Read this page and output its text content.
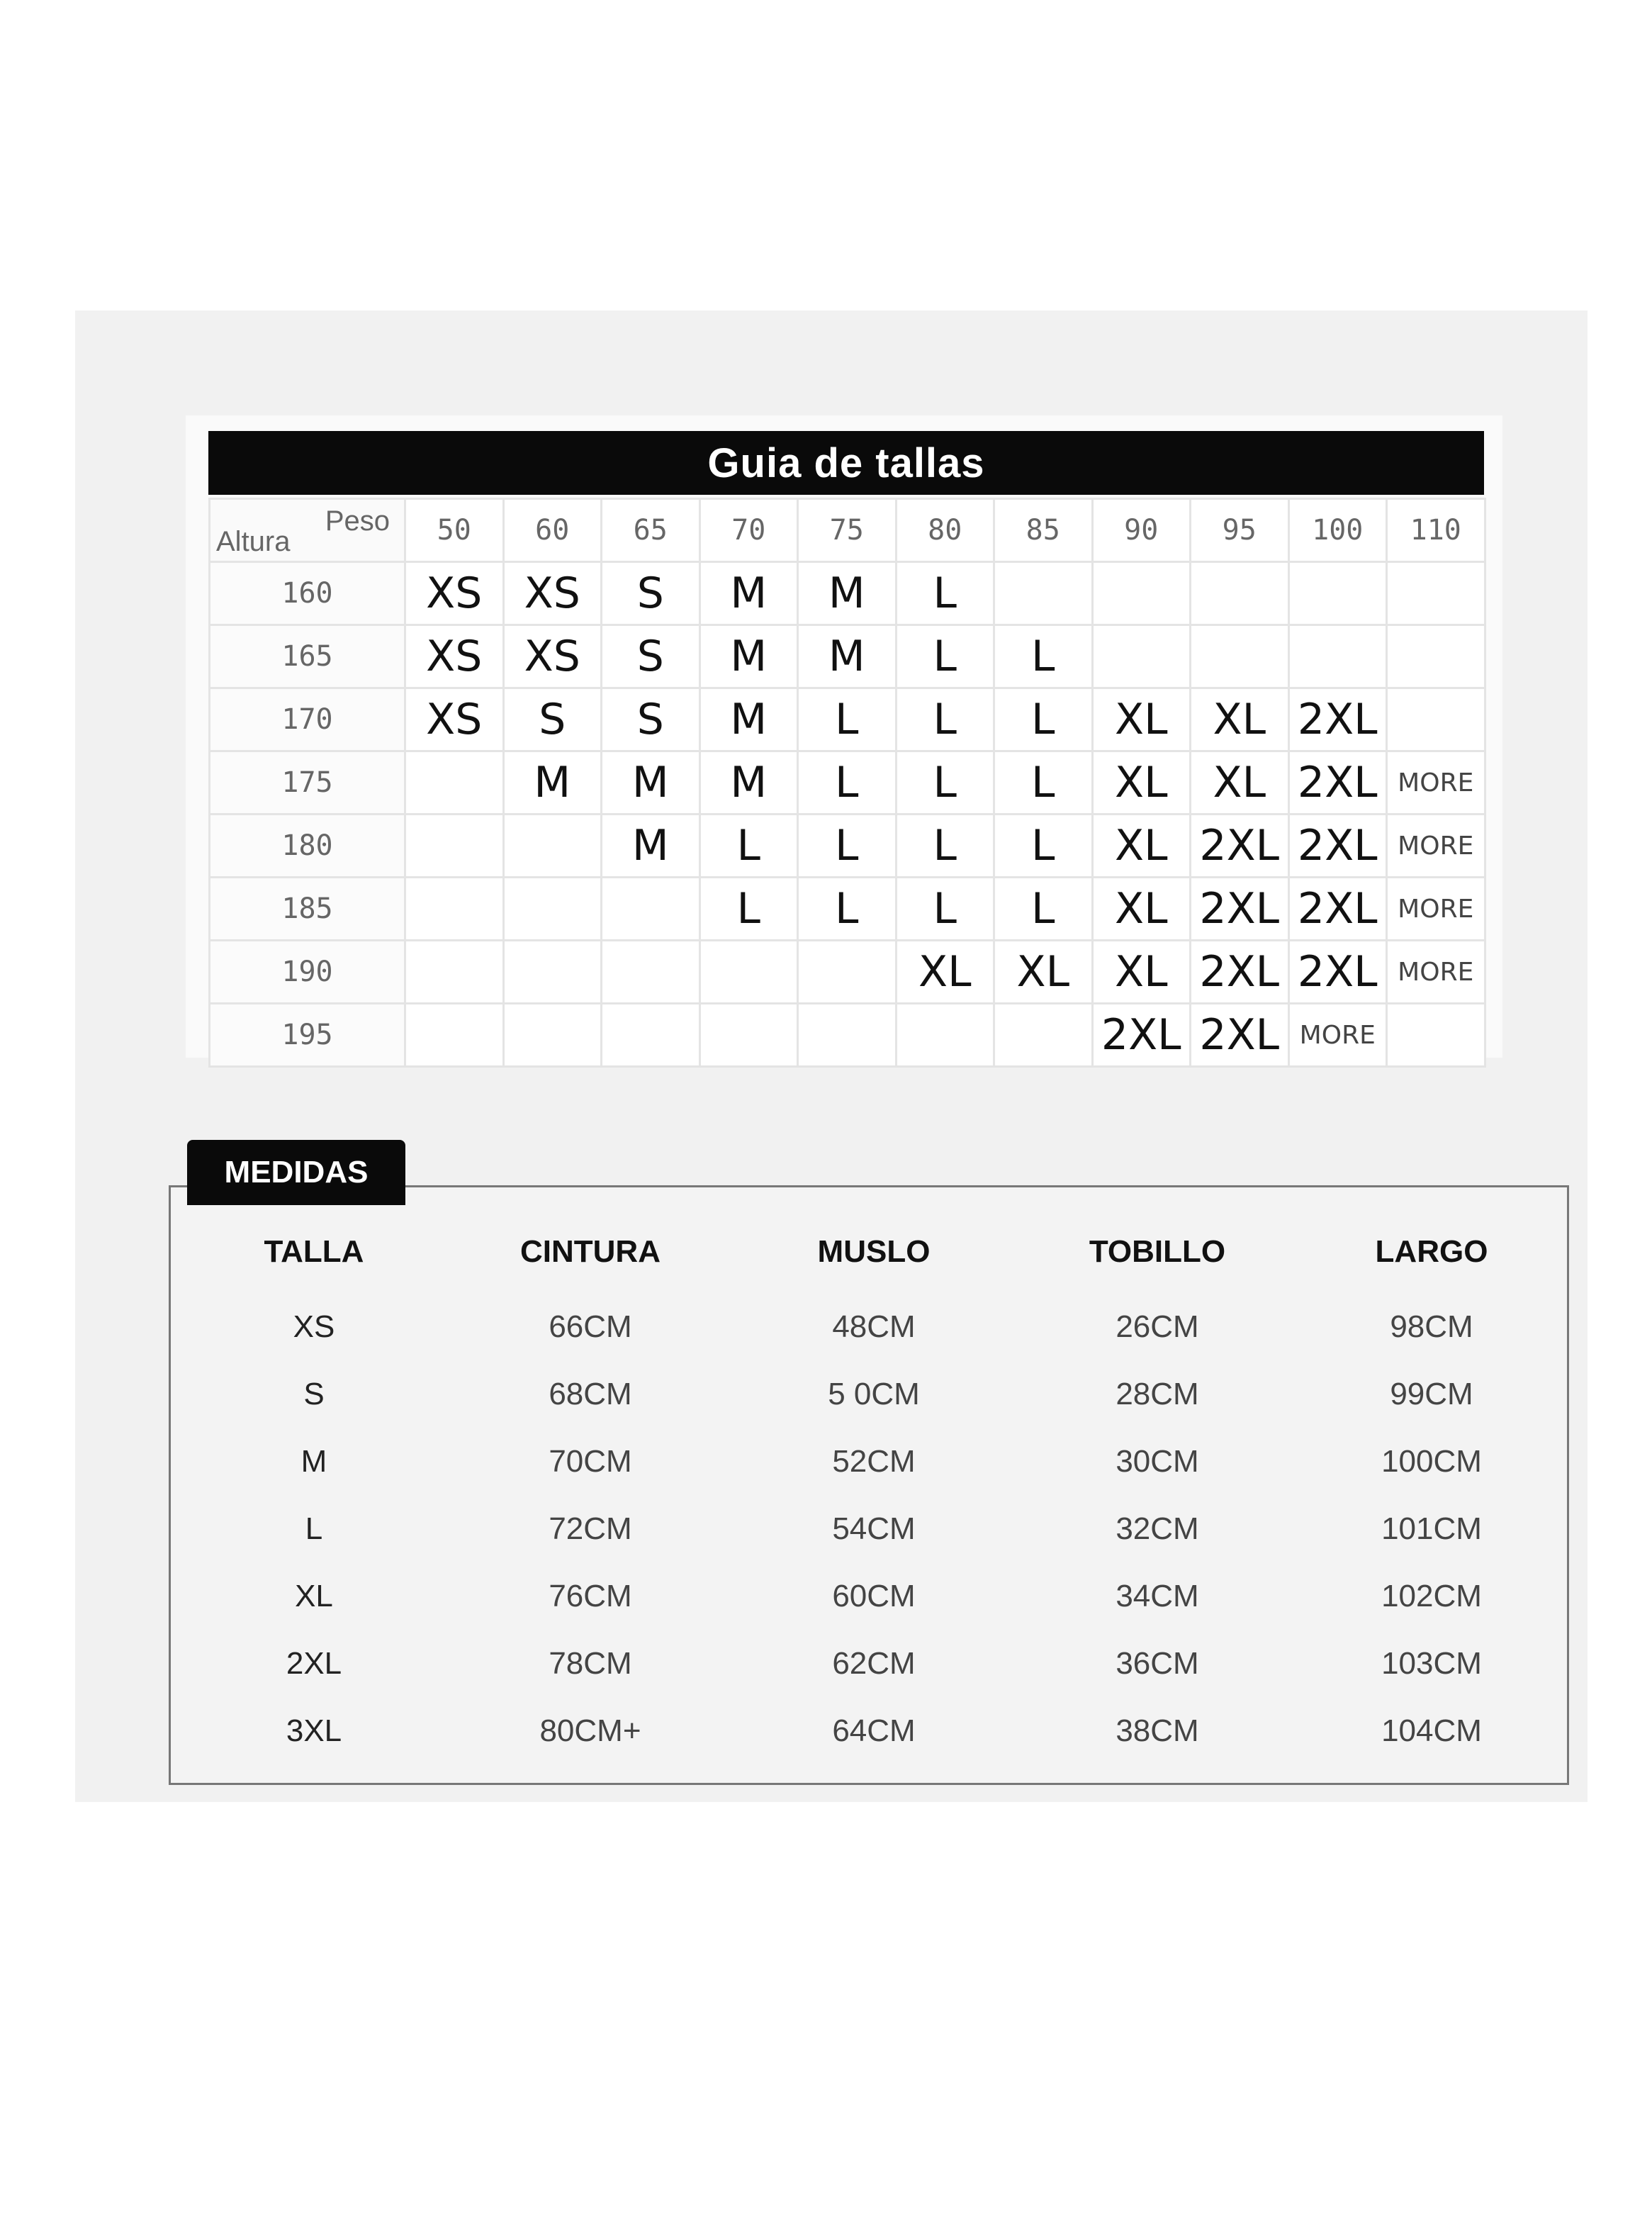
Guia de tallas
Peso
Altura	50	60	65	70	75	80	85	90	95	100	110
160	XS	XS	S	M	M	L					
165	XS	XS	S	M	M	L	L				
170	XS	S	S	M	L	L	L	XL	XL	2XL	
175		M	M	M	L	L	L	XL	XL	2XL	MORE
180			M	L	L	L	L	XL	2XL	2XL	MORE
185				L	L	L	L	XL	2XL	2XL	MORE
190						XL	XL	XL	2XL	2XL	MORE
195								2XL	2XL	MORE	
MEDIDAS
TALLA	CINTURA	MUSLO	TOBILLO	LARGO
XS	66CM	48CM	26CM	98CM
S	68CM	5 0CM	28CM	99CM
M	70CM	52CM	30CM	100CM
L	72CM	54CM	32CM	101CM
XL	76CM	60CM	34CM	102CM
2XL	78CM	62CM	36CM	103CM
3XL	80CM+	64CM	38CM	104CM
